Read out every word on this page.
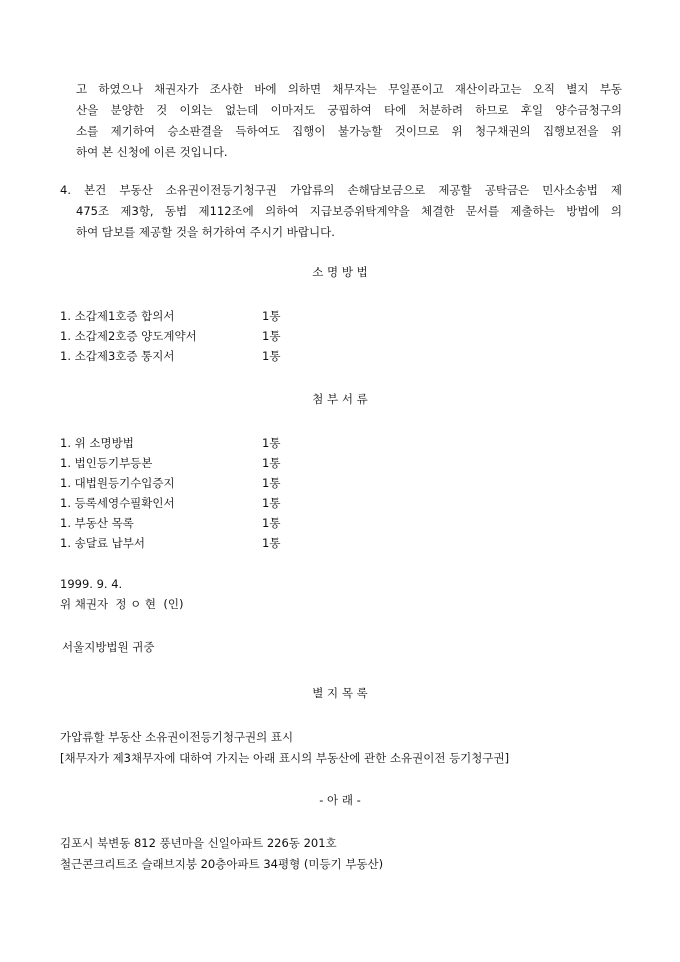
고 하였으나 채권자가 조사한 바에 의하면 채무자는 무일푼이고 재산이라고는 오직 별지 부동
산을 분양한 것 이외는 없는데 이마저도 궁핍하여 타에 처분하려 하므로 후일 양수금청구의
소를 제기하여 승소판결을 득하여도 집행이 불가능할 것이므로 위 청구채권의 집행보전을 위
하여 본 신청에 이른 것입니다.
4. 본건 부동산 소유권이전등기청구권 가압류의 손해담보금으로 제공할 공탁금은 민사소송법 제
475조 제3항, 동법 제112조에 의하여 지급보증위탁계약을 체결한 문서를 제출하는 방법에 의
하여 담보를 제공할 것을 허가하여 주시기 바랍니다.
소 명 방 법
1. 소갑제1호증 합의서	1통
1. 소갑제2호증 양도계약서	1통
1. 소갑제3호증 통지서	1통
첨 부 서 류
1. 위 소명방법	1통
1. 법인등기부등본	1통
1. 대법원등기수입증지	1통
1. 등록세영수필확인서	1통
1. 부동산 목록	1통
1. 송달료 납부서	1통
1999. 9. 4.
위 채권자  정 ㅇ 현  (인)
서울지방법원 귀중
별 지 목 록
가압류할 부동산 소유권이전등기청구권의 표시
[채무자가 제3채무자에 대하여 가지는 아래 표시의 부동산에 관한 소유권이전 등기청구권]
- 아 래 -
김포시 북변동 812 풍년마을 신일아파트 226동 201호
철근콘크리트조 슬래브지붕 20층아파트 34평형 (미등기 부동산)
